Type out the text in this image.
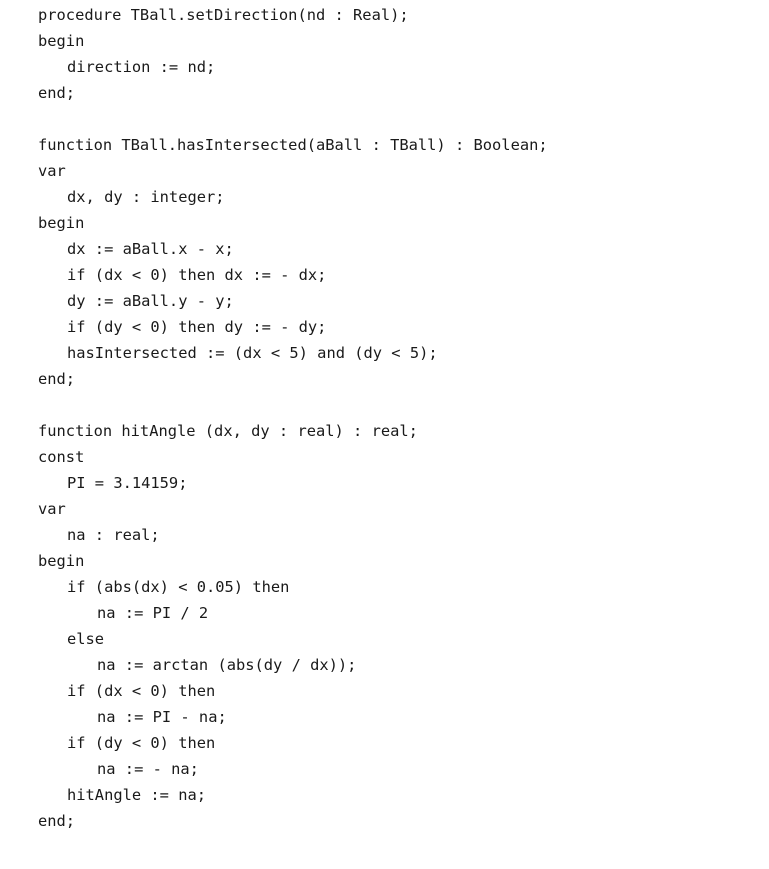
procedure TBall.setDirection(nd : Real);
begin
direction := nd;
end;
function TBall.hasIntersected(aBall : TBall) : Boolean;
var
dx, dy : integer;
begin
dx := aBall.x - x;
if (dx < 0) then dx := - dx;
dy := aBall.y - y;
if (dy < 0) then dy := - dy;
hasIntersected := (dx < 5) and (dy < 5);
end;
function hitAngle (dx, dy : real) : real;
const
PI = 3.14159;
var
na : real;
begin
if (abs(dx) < 0.05) then
na := PI / 2
else
na := arctan (abs(dy / dx));
if (dx < 0) then
na := PI - na;
if (dy < 0) then
na := - na;
hitAngle := na;
end;
